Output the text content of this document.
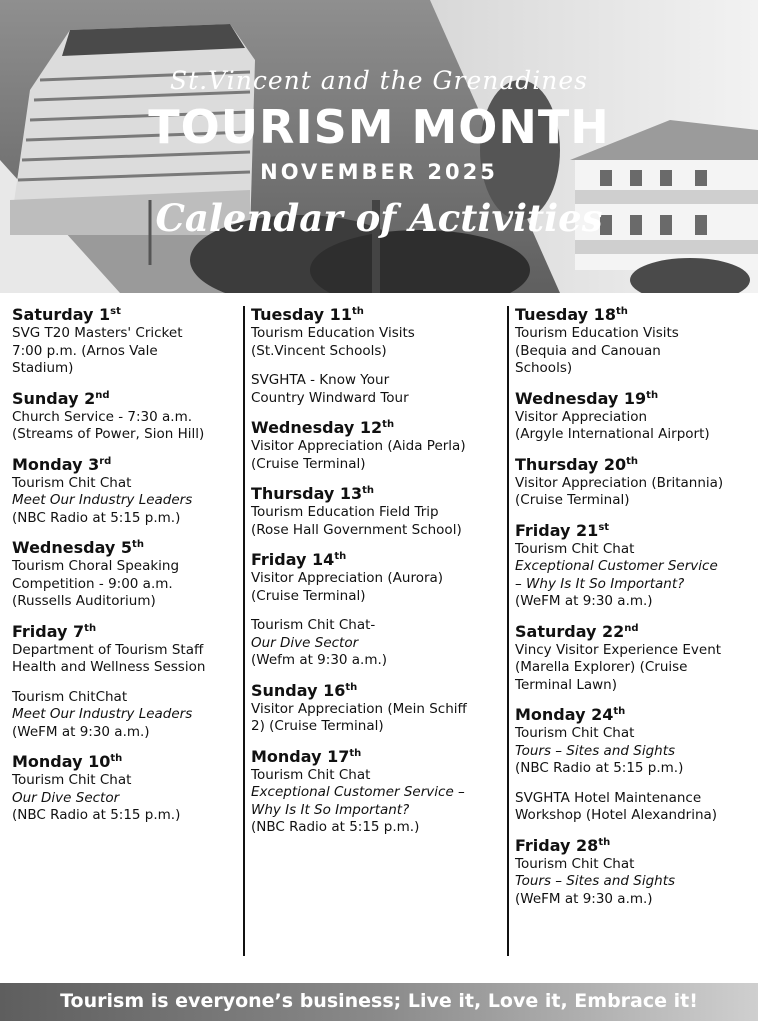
St.Vincent and the Grenadines
TOURISM MONTH
NOVEMBER 2025
Calendar of Activities
Saturday 1st
SVG T20 Masters' Cricket
7:00 p.m. (Arnos Vale
Stadium)
Sunday 2nd
Church Service - 7:30 a.m.
(Streams of Power, Sion Hill)
Monday 3rd
Tourism Chit Chat
Meet Our Industry Leaders
(NBC Radio at 5:15 p.m.)
Wednesday 5th
Tourism Choral Speaking
Competition - 9:00 a.m.
(Russells Auditorium)
Friday 7th
Department of Tourism Staff
Health and Wellness Session
Tourism ChitChat
Meet Our Industry Leaders
(WeFM at 9:30 a.m.)
Monday 10th
Tourism Chit Chat
Our Dive Sector
(NBC Radio at 5:15 p.m.)
Tuesday 11th
Tourism Education Visits
(St.Vincent Schools)
SVGHTA - Know Your
Country Windward Tour
Wednesday 12th
Visitor Appreciation (Aida Perla)
(Cruise Terminal)
Thursday 13th
Tourism Education Field Trip
(Rose Hall Government School)
Friday 14th
Visitor Appreciation (Aurora)
(Cruise Terminal)
Tourism Chit Chat-
Our Dive Sector
(Wefm at 9:30 a.m.)
Sunday 16th
Visitor Appreciation (Mein Schiff
2) (Cruise Terminal)
Monday 17th
Tourism Chit Chat
Exceptional Customer Service –
Why Is It So Important?
(NBC Radio at 5:15 p.m.)
Tuesday 18th
Tourism Education Visits
(Bequia and Canouan
Schools)
Wednesday 19th
Visitor Appreciation
(Argyle International Airport)
Thursday 20th
Visitor Appreciation (Britannia)
(Cruise Terminal)
Friday 21st
Tourism Chit Chat
Exceptional Customer Service
– Why Is It So Important?
(WeFM at 9:30 a.m.)
Saturday 22nd
Vincy Visitor Experience Event
(Marella Explorer) (Cruise
Terminal Lawn)
Monday 24th
Tourism Chit Chat
Tours – Sites and Sights
(NBC Radio at 5:15 p.m.)
SVGHTA Hotel Maintenance
Workshop (Hotel Alexandrina)
Friday 28th
Tourism Chit Chat
Tours – Sites and Sights
(WeFM at 9:30 a.m.)
Tourism is everyone’s business; Live it, Love it, Embrace it!
